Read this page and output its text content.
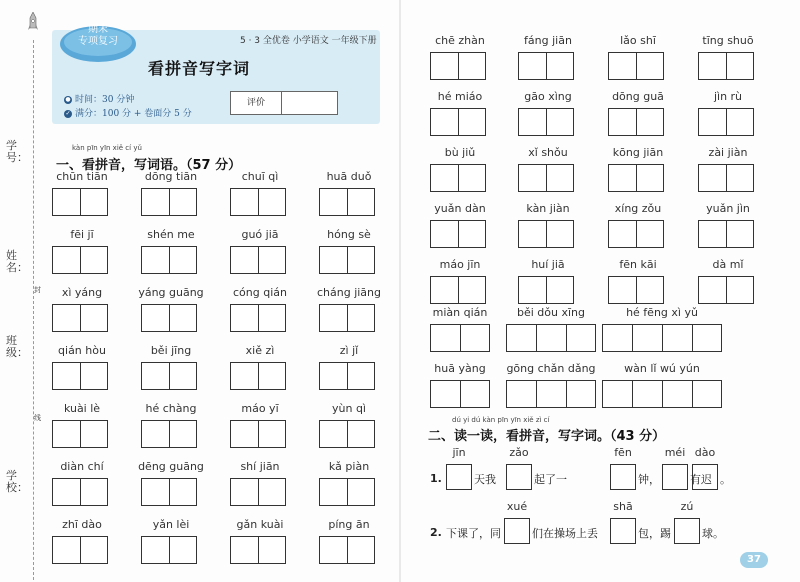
学号：
姓名：
班级：
学校：
封
线
期末
专项复习	5 · 3 全优卷 小学语文 一年级下册
看拼音写字词
● 时间：30 分钟
✓ 满分：100 分 + 卷面分 5 分
评价
kàn pīn yīn xiě cí yǔ
一、看拼音，写词语。（57 分）
dú yi dú kàn pīn yīn xiě zì cí
二、读一读，看拼音，写字词。（43 分）
chūn tiān	dōng tiān	chuī qì	huā duǒ
fēi jī	shén me	guó jiā	hóng sè
xì yáng	yáng guāng	cóng qián	cháng jiāng
qián hòu	běi jīng	xiě zì	zì jǐ
kuài lè	hé chàng	máo yī	yùn qì
diàn chí	dēng guāng	shí jiān	kǎ piàn
zhī dào	yǎn lèi	gǎn kuài	píng ān
chē zhàn	fáng jiān	lǎo shī	tīng shuō
hé miáo	gāo xìng	dōng guā	jìn rù
bù jiǔ	xǐ shǒu	kōng jiān	zài jiàn
yuǎn dàn	kàn jiàn	xíng zǒu	yuǎn jìn
máo jīn	huí jiā	fēn kāi	dà mǐ
miàn qián	běi dǒu xīng	hé fēng xì yǔ
huā yàng	gōng chǎn dǎng	wàn lǐ wú yún
1.
jīn	zǎo	fēn	méi dào
天我	起了一	钟，	有迟 。
2.
xué	shā	zú
下课了，同	们在操场上丢	包，踢	球。
37
